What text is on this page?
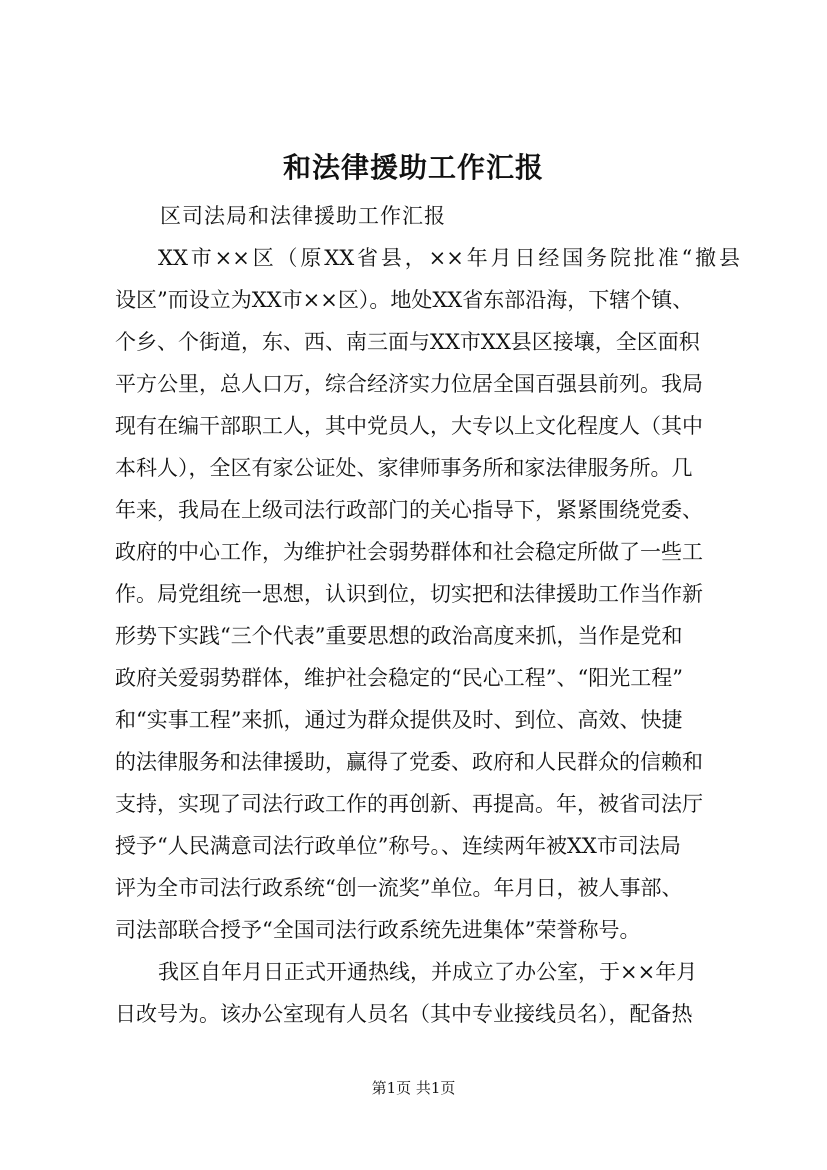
和法律援助工作汇报
区司法局和法律援助工作汇报
XX市××区（原XX省县，××年月日经国务院批准“撤县
设区”而设立为XX市××区）。地处XX省东部沿海，下辖个镇、
个乡、个街道，东、西、南三面与XX市XX县区接壤，全区面积
平方公里，总人口万，综合经济实力位居全国百强县前列。我局
现有在编干部职工人，其中党员人，大专以上文化程度人（其中
本科人），全区有家公证处、家律师事务所和家法律服务所。几
年来，我局在上级司法行政部门的关心指导下，紧紧围绕党委、
政府的中心工作，为维护社会弱势群体和社会稳定所做了一些工
作。局党组统一思想，认识到位，切实把和法律援助工作当作新
形势下实践“三个代表”重要思想的政治高度来抓，当作是党和
政府关爱弱势群体，维护社会稳定的“民心工程”、“阳光工程”
和“实事工程”来抓，通过为群众提供及时、到位、高效、快捷
的法律服务和法律援助，赢得了党委、政府和人民群众的信赖和
支持，实现了司法行政工作的再创新、再提高。年，被省司法厅
授予“人民满意司法行政单位”称号。、连续两年被XX市司法局
评为全市司法行政系统“创一流奖”单位。年月日，被人事部、
司法部联合授予“全国司法行政系统先进集体”荣誉称号。
我区自年月日正式开通热线，并成立了办公室，于××年月
日改号为。该办公室现有人员名（其中专业接线员名），配备热
第1页 共1页
